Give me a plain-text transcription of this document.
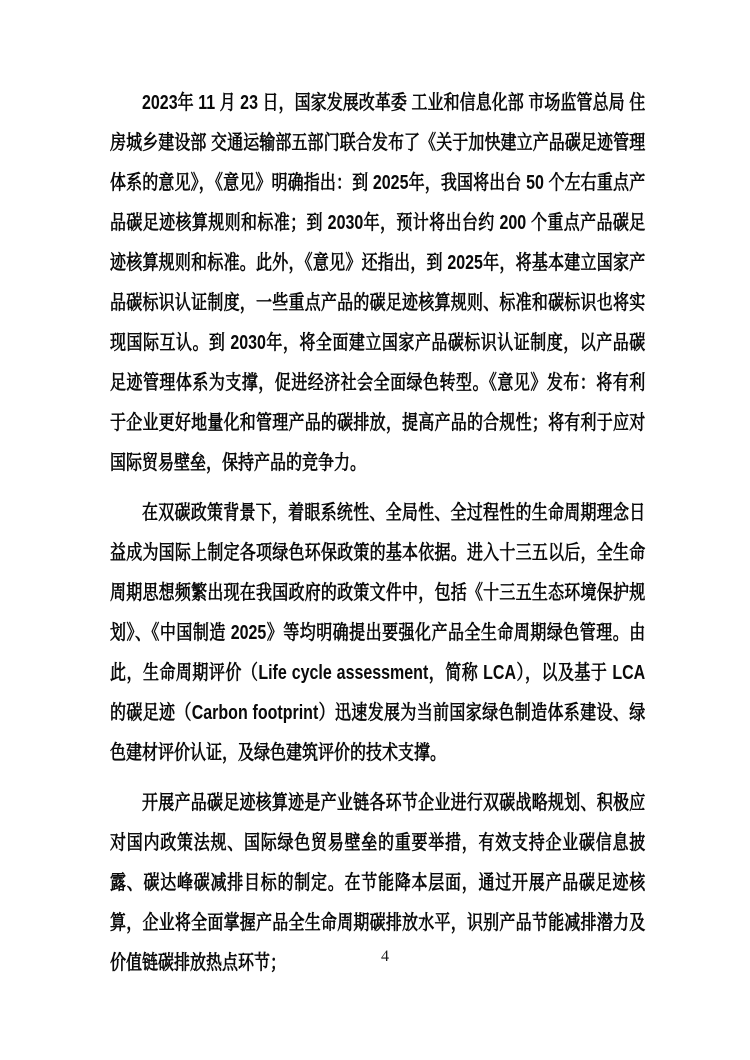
2023年 11 月 23 日，国家发展改革委 工业和信息化部 市场监管总局 住房城乡建设部 交通运输部五部门联合发布了《关于加快建立产品碳足迹管理体系的意见》，《意见》明确指出：到 2025年，我国将出台 50 个左右重点产品碳足迹核算规则和标准；到 2030年，预计将出台约 200 个重点产品碳足迹核算规则和标准。此外，《意见》还指出，到 2025年，将基本建立国家产品碳标识认证制度，一些重点产品的碳足迹核算规则、标准和碳标识也将实现国际互认。到 2030年，将全面建立国家产品碳标识认证制度，以产品碳足迹管理体系为支撑，促进经济社会全面绿色转型。《意见》发布：将有利于企业更好地量化和管理产品的碳排放，提高产品的合规性；将有利于应对国际贸易壁垒，保持产品的竞争力。

在双碳政策背景下，着眼系统性、全局性、全过程性的生命周期理念日益成为国际上制定各项绿色环保政策的基本依据。进入十三五以后，全生命周期思想频繁出现在我国政府的政策文件中，包括《十三五生态环境保护规划》、《中国制造 2025》等均明确提出要强化产品全生命周期绿色管理。由此，生命周期评价（Life cycle assessment，简称 LCA），以及基于 LCA 的碳足迹（Carbon footprint）迅速发展为当前国家绿色制造体系建设、绿色建材评价认证，及绿色建筑评价的技术支撑。

开展产品碳足迹核算迹是产业链各环节企业进行双碳战略规划、积极应对国内政策法规、国际绿色贸易壁垒的重要举措，有效支持企业碳信息披露、碳达峰碳减排目标的制定。在节能降本层面，通过开展产品碳足迹核算，企业将全面掌握产品全生命周期碳排放水平，识别产品节能减排潜力及价值链碳排放热点环节；	4
